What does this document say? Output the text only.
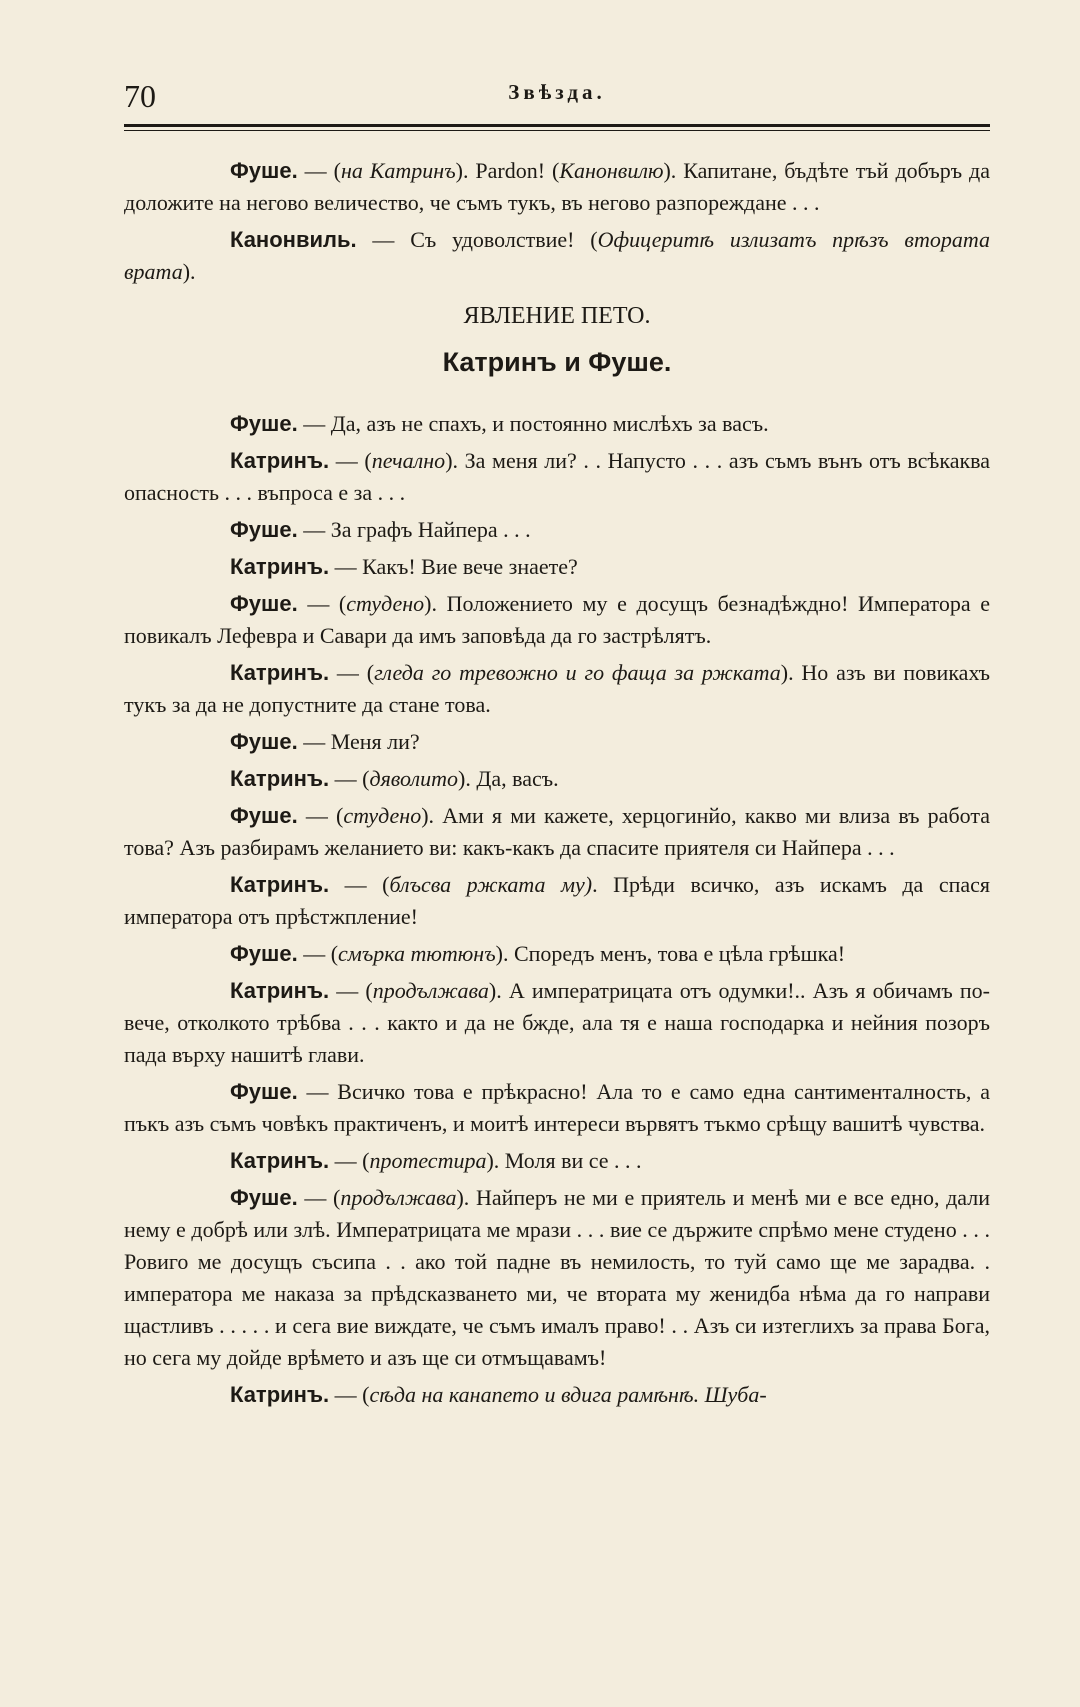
70	Звѣзда.
Фуше. — (на Катринъ). Pardon! (Канонвилю). Капитане, бъдѣте тъй добъръ да доложите на негово величество, че съмъ тукъ, въ негово разпореждане . . .
Канонвиль. — Съ удоволствие! (Офицеритѣ излизатъ прѣзъ втората врата).
ЯВЛЕНИЕ ПЕТО.
Катринъ и Фуше.
Фуше. — Да, азъ не спахъ, и постоянно мислѣхъ за васъ.
Катринъ. — (печално). За меня ли? . . Напусто . . . азъ съмъ вънъ отъ всѣкаква опасность . . . въпроса е за . . .
Фуше. — За графъ Найпера . . .
Катринъ. — Какъ! Вие вече знаете?
Фуше. — (студено). Положението му е досущъ безнадѣждно! Императора е повикалъ Лефевра и Савари да имъ заповѣда да го застрѣлятъ.
Катринъ. — (гледа го тревожно и го фаща за ржката). Но азъ ви повикахъ тукъ за да не допустните да стане това.
Фуше. — Меня ли?
Катринъ. — (дяволито). Да, васъ.
Фуше. — (студено). Ами я ми кажете, херцогинйо, какво ми влиза въ работа това? Азъ разбирамъ желанието ви: какъ-какъ да спасите приятеля си Найпера . . .
Катринъ. — (блъсва ржката му). Прѣди всичко, азъ искамъ да спася императора отъ прѣстжпление!
Фуше. — (смърка тютюнъ). Споредъ менъ, това е цѣла грѣшка!
Катринъ. — (продължава). А императрицата отъ одумки!.. Азъ я обичамъ по-вече, отколкото трѣбва . . . както и да не бжде, ала тя е наша господарка и нейния позоръ пада върху нашитѣ глави.
Фуше. — Всичко това е прѣкрасно! Ала то е само една сантименталность, а пъкъ азъ съмъ човѣкъ практиченъ, и моитѣ интереси вървятъ тъкмо срѣщу вашитѣ чувства.
Катринъ. — (протестира). Моля ви се . . .
Фуше. — (продължава). Найперъ не ми е приятель и менѣ ми е все едно, дали нему е добрѣ или злѣ. Императрицата ме мрази . . . вие се държите спрѣмо мене студено . . . Ровиго ме досущъ съсипа . . ако той падне въ немилость, то туй само ще ме зарадва. . императора ме наказа за прѣдсказването ми, че втората му женидба нѣма да го направи щастливъ . . . . . и сега вие виждате, че съмъ ималъ право! . . Азъ си изтеглихъ за права Бога, но сега му дойде врѣмето и азъ ще си отмъщавамъ!
Катринъ. — (сѣда на канапето и вдига рамѣнѣ. Шуба-
